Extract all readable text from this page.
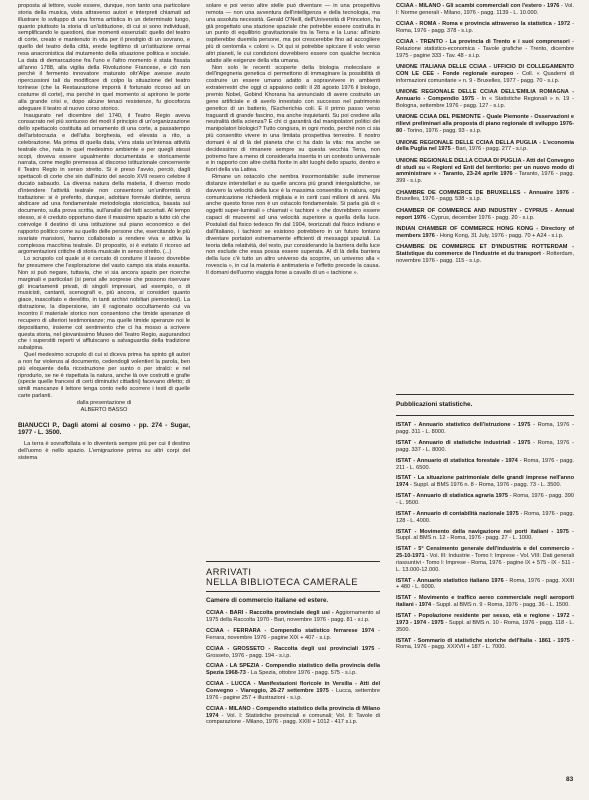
proposta al lettore, vuole essere, dunque, non tanto una particolare storia della musica, vista attraverso autori e interpreti chiamati ad illustrare lo sviluppo di una forma artistica in un determinato luogo, quanto piuttosto la storia di un'istituzione, di cui si sono individuati, semplificando le questioni, due momenti essenziali: quello del teatro di corte, creato e mantenuto in vita per il prestigio di un sovrano, e quello del teatro della città, erede legittimo di un'istituzione ormai resa anacronistica dal mutamento della situazione politica e sociale. La data di demarcazione fra l'uno e l'altro momento è stata fissata all'anno 1788, alla vigilia della Rivoluzione Francese, e ciò non perché il fermento innovatore maturato oltr'Alpe avesse avuto ripercussioni tali da modificare di colpo la situazione del teatro torinese (che la Restaurazione imporrà il fortunato ricorso ad un costume di corte), ma perché in quel momento si aprirono le porte alla grande crisi e, dopo alcune tenaci resistenze, fu giocoforza adeguare il teatro al nuovo corso storico.

Inaugurato nel dicembre del 1740, il Teatro Regio aveva consacrato nel più sontuoso dei modi il principio di un'organizzazione dello spettacolo costituita ad ornamento di una corte, a passatempo dell'aristocrazia e dell'alta borghesia, ed elevata a rito, a celebrazione. Ma prima di quella data, v'era stata un'intensa attività teatrale che, nata in quel medesimo ambiente e per quegli stessi scopi, doveva essere ugualmente documentata e storicamente narrata, come meglio premessa al discorso istituzionale concernente il Teatro Regio in senso stretto. Si è preso l'avvio, perciò, dagli spettacoli di corte che sin dall'inizio del secolo XVII resero celebre il ducato sabaudo. La diversa natura della materia, il diverso modo d'intendere l'attività teatrale non consentono un'uniformità di trattazione: si è preferito, dunque, adottare formule distinte, senza abdicare ad una fondamentale metodologia storicistica, basata sul documento, sulla prova scritta, sull'analisi dei fatti accertati. Al tempo stesso, si è creduto opportuno dare il massimo spazio a tutto ciò che coinvolge il destino di una istituzione sul piano economico e del rapporto politico come su quello delle persone che, esercitando le più svariate mansioni, hanno collaborato a rendere viva e attiva la complessa macchina teatrale. Di proposito, si è evitato il ricorso ad argomentazioni critiche di storia musicale in senso stretto. (...)

Lo scrupolo col quale si è cercato di condurre il lavoro dovrebbe far presumere che l'esplorazione del vasto campo sia stata esaurita. Non si può negare, tuttavia, che vi sia ancora spazio per ricerche marginali e particolari (si pensi alle sorprese che possono riservare gli incartamenti privati, di singoli impresari, ad esempio, o di musicisti, cantanti, scenografi e, più ancora, si consideri quanto giace, inascoltato e derelitto, in tanti archivi nobiliari piemontesi). La distrazione, la dispersione, sin il ragionato occultamento cui va incontro il materiale storico non consentono che timide speranze di recupero di ulteriori testimonianze; ma quelle timide speranze noi le depositiamo, insieme col sentimento che ci ha mosso a scrivere questa storia, nel giovanissimo Museo del Teatro Regio, augurandoci che i superstiti reperti vi affluiscano a salvaguardia della tradizione subalpina.

Quel medesimo scrupolo di cui si diceva prima ha spinto gli autori a non far violenza al documento, cedendogli volentieri la parola, ben più eloquente della ricostruzione per sunto o per stralci: e nel riprodurlo, se ne è rispettata la natura, anche là ove costrutti e grafie (specie quelle francesi di certi diminutivi cittadini) facevano difetto; di simili mancanze il lettore tenga conto nello scorrere i testi di quelle carte parlanti.

dalla presentazione di
ALBERTO BASSO
BIANUCCI P., Dagli atomi al cosmo - pp. 274 - Sugar, 1977 - L. 3500.

La terra è sovraffollata e lo diventerà sempre più per cui il destino dell'uomo è nello spazio. L'emigrazione prima su altri corpi del sistema

solare e poi verso altre stelle può diventare — in una prospettiva remota — non una avventura dell'intelligenza e della tecnologia, ma una assoluta necessità. Gerald O'Neill, dell'Università di Princeton, ha già progettato una stazione spaziale che potrebbe essere costruita in un punto di equilibrio gravitazionale tra la Terra e la Luna: all'inizio ospiterebbe duemila persone, ma poi crescerebbe fino ad accogliere più di centomila « coloni ». Di qui si potrebbe spiccare il volo verso altri pianeti, le cui condizioni dovrebbero essere con qualche tecnica adatte alle esigenze della vita umana.

Non solo le recenti scoperte della biologia molecolare e dell'ingegneria genetica ci permettono di immaginare la possibilità di costruire un essere umano adatto a sopravvivere in ambienti extraterrestri che oggi ci appaiono ostili: il 28 agosto 1976 il biologo, premio Nobel, Gobind Khorana ha annunciato di avere costruito un gene artificiale e di averlo innestato con successo nel patrimonio genetico di un batterio, l'Escherichia coli. E il primo passo verso traguardi di grande fascino, ma anche inquietanti. Su poi credere alla neutralità della scienza? E chi ci garantirà dal manipolatori politici dei manipolatori biologici? Tutto congiura, in ogni modo, perché non ci sia più consentito vivere in una limitata prospettiva terrestre. Il nostro domani è al di là del pianeta che ci ha dato la vita: ma anche se decidessimo di rimanere sempre su questa vecchia Terra, non potremo fare a meno di considerarla inserita in un contesto universale e in rapporto con altre civiltà fiorite in altri luoghi dello spazio, dentro e fuori della via Lattea.

Rimane un ostacolo che sembra insormontabile: sulle immense distanze interstellari e su quelle ancora più grandi intergalattiche, se davvero la velocità della luce è la massima consentita in natura, ogni comunicazione richiederà migliaia e in certi casi milioni di anni. Ma anche questo forse non è un ostacolo fondamentale. Si parla già di « oggetti super-luminali » chiamati « tachioni » che dovrebbero essere capaci di muoversi ad una velocità superiore a quella della luce. Postulati dal fisico tedesco fin dal 1904, teorizzati dal fisico indiano e dall'italiano, i tachioni se esistono potrebbero in un futuro lontano diventare portatori estremamente efficienti di messaggi spaziali. La teoria della relatività, del resto, pur considerando la barriera della luce non esclude che essa possa essere superata. Al di là della barriera della luce c'è tutto un altro universo da scoprire, un universo alla « rovescia », in cui la materia è antimateria e l'effetto precede la causa. Il domani dell'uomo viaggia forse a cavallo di un « tachione ».

ARRIVATI
NELLA BIBLIOTECA CAMERALE
Camere di commercio italiane ed estere.
CCIAA - BARI - Raccolta provinciale degli usi - Aggiornamento al 1975 della Raccolta 1970 - Bari, novembre 1976 - pagg. 81 - s.i.p.
CCIAA - FERRARA - Compendio statistico ferrarese 1974 - Ferrara, novembre 1976 - pagine XIX + 407 - s.i.p.
CCIAA - GROSSETO - Raccolta degli usi provinciali 1975 - Grosseto, 1976 - pagg. 194 - s.i.p.
CCIAA - LA SPEZIA - Compendio statistico della provincia della Spezia 1968-73 - La Spezia, ottobre 1976 - pagg. 575 - s.i.p.
CCIAA - LUCCA - Manifestazioni floricole in Versilia - Atti del Convegno - Viareggio, 26-27 settembre 1975 - Lucca, settembre 1976 - pagine 257 + illustrazioni - s.i.p.
CCIAA - MILANO - Compendio statistico della provincia di Milano 1974 - Vol. I: Statistiche provinciali e comunali; Vol. II: Tavole di comparazione - Milano, 1976 - pagg. XXIII + 1012 - 417 s.i.p.
CCIAA - MILANO - Gli scambi commerciali con l'estero - 1976 - Vol. I: Norme generali - Milano, 1976 - pagg. 1139 - L. 10.000.
CCIAA - ROMA - Roma e provincia attraverso la statistica - 1972 - Roma, 1976 - pagg. 378 - s.i.p.
CCIAA - TRENTO - La provincia di Trento e i suoi comprensori - Relazione statistico-economica - Tavole grafiche - Trento, dicembre 1975 - pagine 333 - Tav. 48 - s.i.p.
UNIONE ITALIANA DELLE CCIAA - UFFICIO DI COLLEGAMENTO CON LE CEE - Fonde regionale europeo - Coll. « Quaderni di informazioni comunitarie » n. 9 - Bruxelles, 1977 - pagg. 70 - s.i.p.
UNIONE REGIONALE DELLE CCIAA DELL'EMILIA ROMAGNA - Annuario - Compendio 1975 - In « Statistiche Regionali » n. 19 - Bologna, settembre 1976 - pagg. 127 - s.i.p.
UNIONE CCIAA DEL PIEMONTE - Quale Piemonte - Osservazioni e rilievi preliminari alla proposta di piano regionale di sviluppo 1976-80 - Torino, 1976 - pagg. 93 - s.i.p.
UNIONE REGIONALE DELLE CCIAA DELLA PUGLIA - L'economia della Puglia nel 1975 - Bari, 1976 - pagg. 277 - s.i.p.
UNIONE REGIONALE DELLA CCIAA DI PUGLIA - Atti del Convegno di studi su « Regioni ed Enti del territorio: per un nuovo modo di amministrare » - Taranto, 23-24 aprile 1976 - Taranto, 1976 - pagg. 399 - s.i.p.
CHAMBRE DE COMMERCE DE BRUXELLES - Annuaire 1976 - Bruxelles, 1976 - pagg. 538 - s.i.p.
CHAMBER OF COMMERCE AND INDUSTRY - CYPRUS - Annual report 1976 - Cyprus, december 1976 - pagg. 20 - s.i.p.
INDIAN CHAMBER OF COMMERCE HONG KONG - Directory of members 1976 - Hong Kong, 31 July, 1976 - pagg. 70 + A24 - s.i.p.
CHAMBRE DE COMMERCE ET D'INDUSTRIE ROTTERDAM - Statistique du commerce de l'industrie et du transport - Rotterdam, novembre 1976 - pagg. 115 - s.i.p.
Pubblicazioni statistiche.
ISTAT - Annuario statistico dell'istruzione - 1975 - Roma, 1976 - pagg. 311 - L. 8000.
ISTAT - Annuario di statistiche industriali - 1975 - Roma, 1976 - pagg. 337 - L. 8000.
ISTAT - Annuario di statistica forestale - 1974 - Roma, 1976 - pagg. 211 - L. 6500.
ISTAT - La situazione patrimoniale delle grandi imprese nell'anno 1974 - Suppl. al BMS 1976 n. 8 - Roma, 1976 - pagg. 73 - L. 3500.
ISTAT - Annuario di statistica agraria 1975 - Roma, 1976 - pagg. 390 - L. 9500.
ISTAT - Annuario di contabilità nazionale 1975 - Roma, 1976 - pagg. 128 - L. 4000.
ISTAT - Movimento della navigazione nei porti italiani - 1975 - Suppl. al BMS n. 12 - Roma, 1976 - pagg. 27 - L. 1000.
ISTAT - 5° Censimento generale dell'industria e del commercio - 25-10-1971 - Vol. III: Industrie - Tomo I: Imprese - Vol. VIII: Dati generali riassuntivi - Tomo I: Imprese - Roma, 1976 - pagine IX + 575 - IX - 511 - L. 13.000-12.000.
ISTAT - Annuario statistico italiano 1976 - Roma, 1976 - pagg. XXIII + 480 - L. 6000.
ISTAT - Movimento e traffico aereo commerciale negli aeroporti italiani - 1974 - Suppl. al BMS n. 9 - Roma, 1976 - pagg. 36 - L. 1500.
ISTAT - Popolazione residente per sesso, età e regione - 1972 - 1973 - 1974 - 1975 - Suppl. al BMS n. 10 - Roma, 1976 - pagg. 118 - L. 3500.
ISTAT - Sommario di statistiche storiche dell'Italia - 1861 - 1975 - Roma, 1976 - pagg. XXXVII + 187 - L. 7000.
83
